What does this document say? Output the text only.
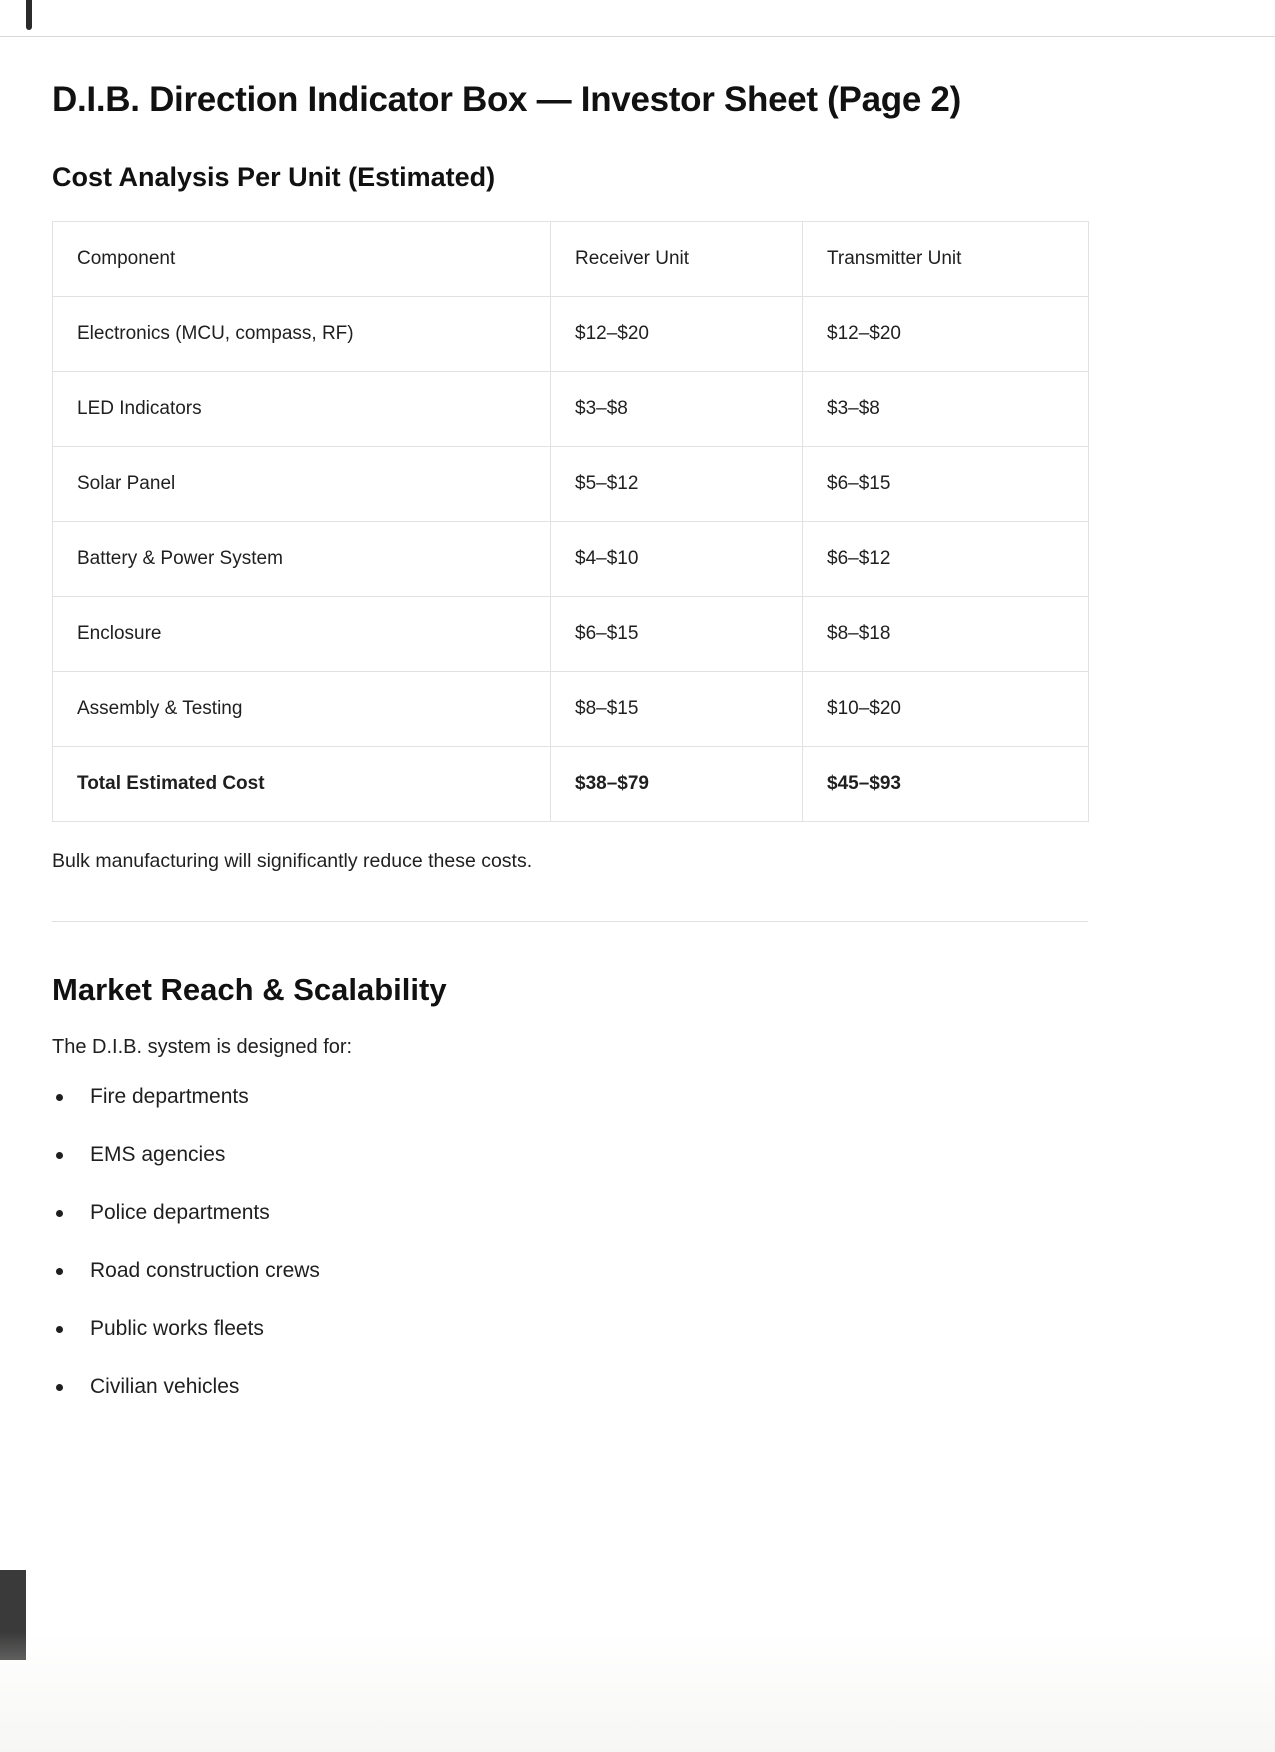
D.I.B. Direction Indicator Box — Investor Sheet (Page 2)
Cost Analysis Per Unit (Estimated)
Component	Receiver Unit	Transmitter Unit
Electronics (MCU, compass, RF)	$12–$20	$12–$20
LED Indicators	$3–$8	$3–$8
Solar Panel	$5–$12	$6–$15
Battery & Power System	$4–$10	$6–$12
Enclosure	$6–$15	$8–$18
Assembly & Testing	$8–$15	$10–$20
Total Estimated Cost	$38–$79	$45–$93

Bulk manufacturing will significantly reduce these costs.

Market Reach & Scalability

The D.I.B. system is designed for:

Fire departments
EMS agencies
Police departments
Road construction crews
Public works fleets
Civilian vehicles
